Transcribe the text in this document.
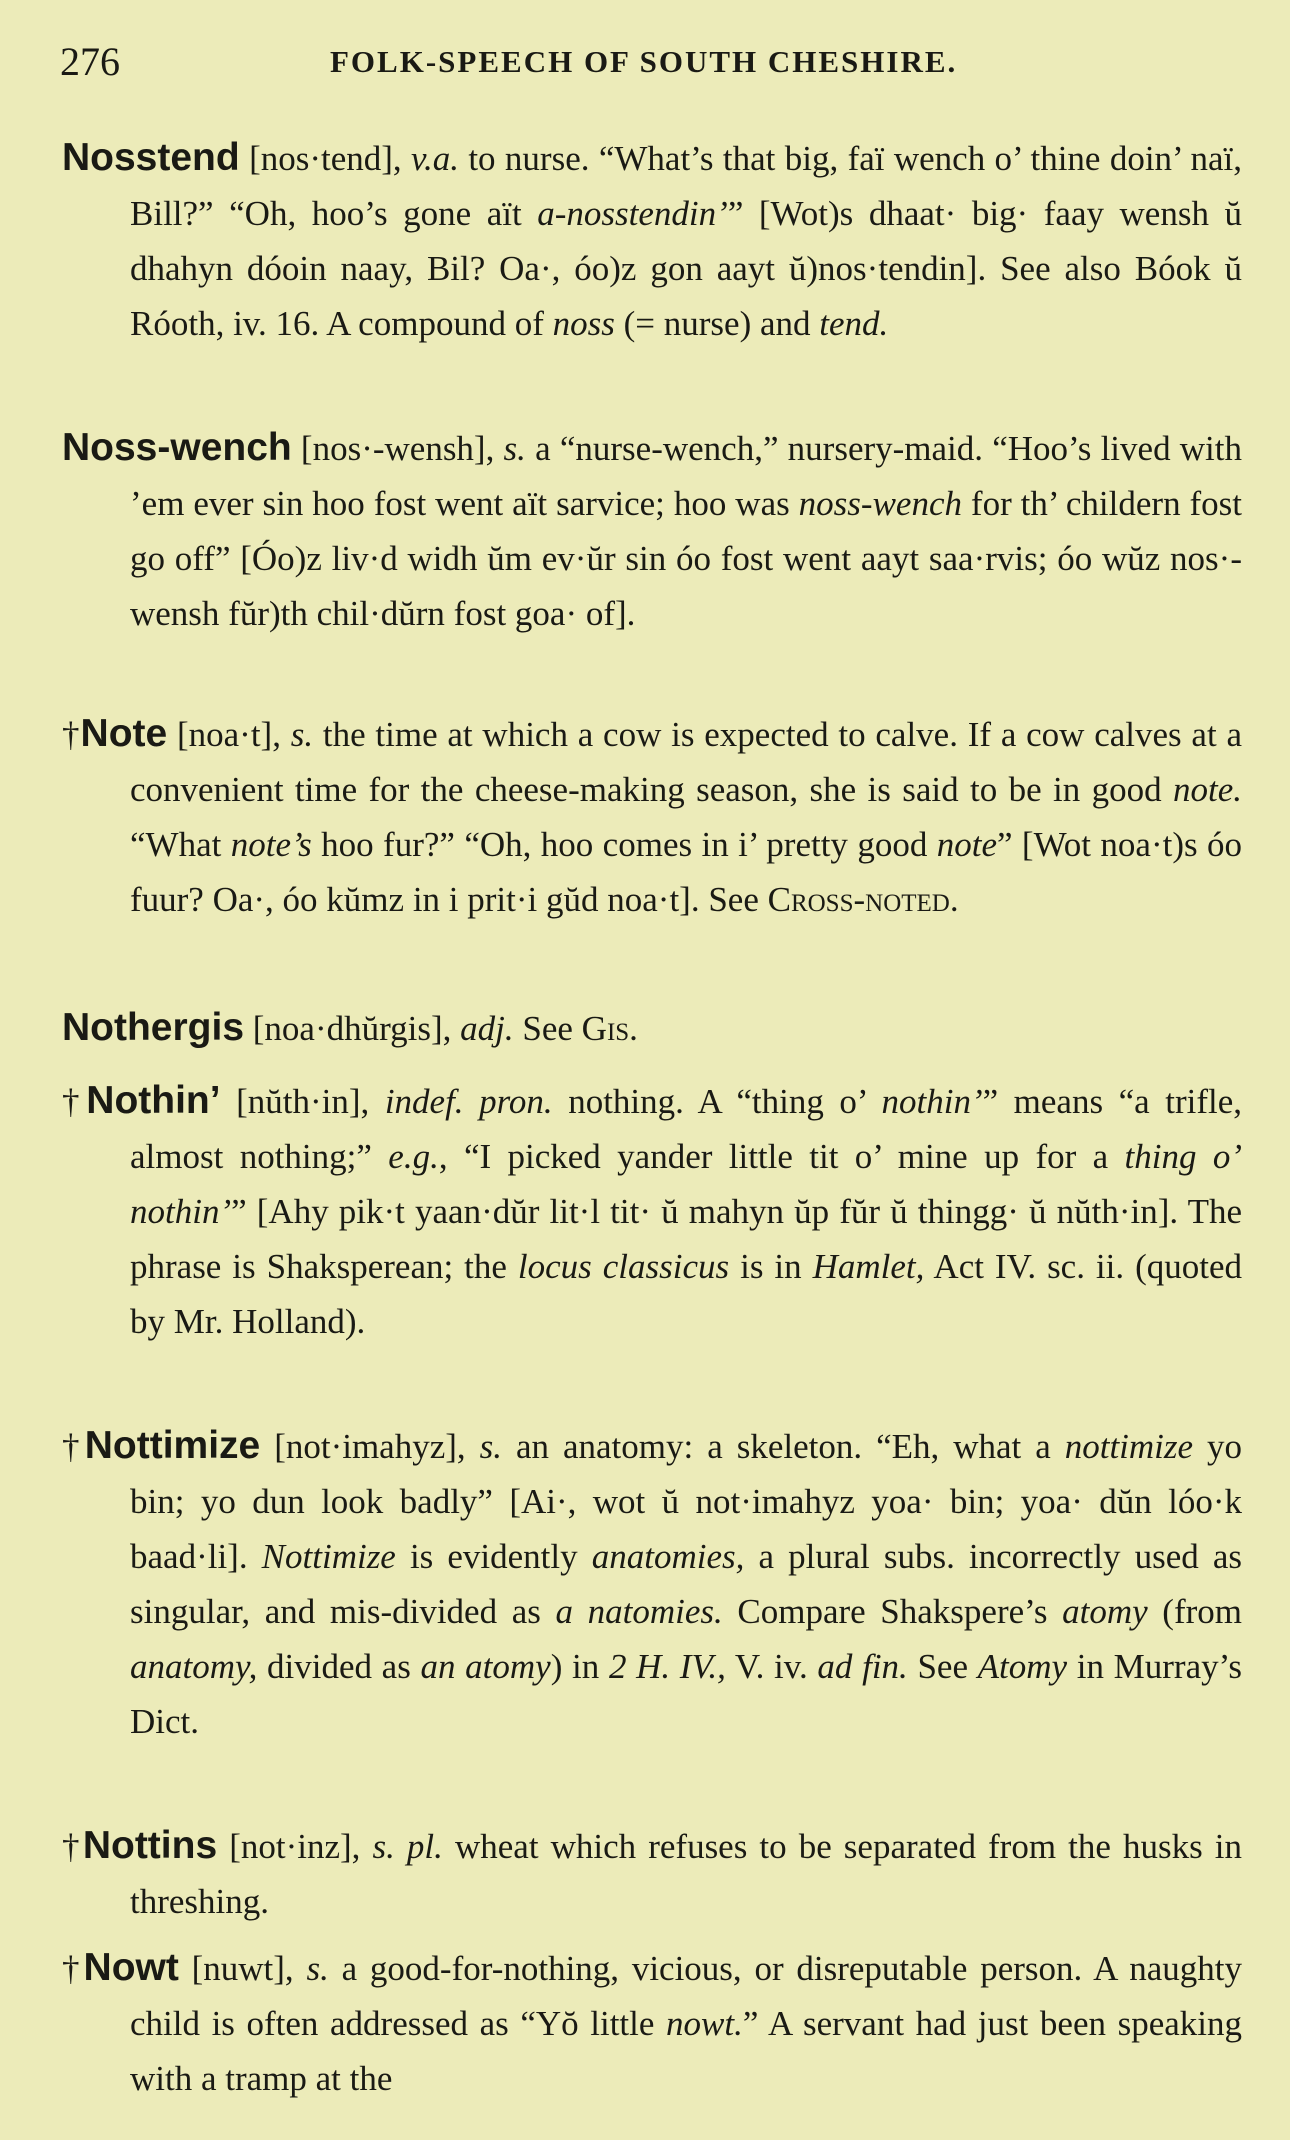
276	FOLK-SPEECH OF SOUTH CHESHIRE.
Nosstend [nos·tend], v.a. to nurse. “What’s that big, faï wench o’ thine doin’ naï, Bill?” “Oh, hoo’s gone aït a-nosstendin’” [Wot)s dhaat· big· faay wensh ŭ dhahyn dóoin naay, Bil? Oa·, óo)z gon aayt ŭ)nos·tendin]. See also Bóok ŭ Róoth, iv. 16. A compound of noss (= nurse) and tend.
Noss-wench [nos·-wensh], s. a “nurse-wench,” nursery-maid. “Hoo’s lived with ’em ever sin hoo fost went aït sarvice; hoo was noss-wench for th’ childern fost go off” [Óo)z liv·d widh ŭm ev·ŭr sin óo fost went aayt saa·rvis; óo wŭz nos·-wensh fŭr)th chil·dŭrn fost goa· of].
†Note [noa·t], s. the time at which a cow is expected to calve. If a cow calves at a convenient time for the cheese-making season, she is said to be in good note. “What note’s hoo fur?” “Oh, hoo comes in i’ pretty good note” [Wot noa·t)s óo fuur? Oa·, óo kŭmz in i prit·i gŭd noa·t]. See Cross-noted.
Nothergis [noa·dhŭrgis], adj. See Gis.
†Nothin’ [nŭth·in], indef. pron. nothing. A “thing o’ nothin’” means “a trifle, almost nothing;” e.g., “I picked yander little tit o’ mine up for a thing o’ nothin’” [Ahy pik·t yaan·dŭr lit·l tit· ŭ mahyn ŭp fŭr ŭ thingg· ŭ nŭth·in]. The phrase is Shaksperean; the locus classicus is in Hamlet, Act IV. sc. ii. (quoted by Mr. Holland).
†Nottimize [not·imahyz], s. an anatomy: a skeleton. “Eh, what a nottimize yo bin; yo dun look badly” [Ai·, wot ŭ not·imahyz yoa· bin; yoa· dŭn lóo·k baad·li]. Nottimize is evidently anatomies, a plural subs. incorrectly used as singular, and mis-divided as a natomies. Compare Shakspere’s atomy (from anatomy, divided as an atomy) in 2 H. IV., V. iv. ad fin. See Atomy in Murray’s Dict.
†Nottins [not·inz], s. pl. wheat which refuses to be separated from the husks in threshing.
†Nowt [nuwt], s. a good-for-nothing, vicious, or disreputable person. A naughty child is often addressed as “Yŏ little nowt.” A servant had just been speaking with a tramp at the
